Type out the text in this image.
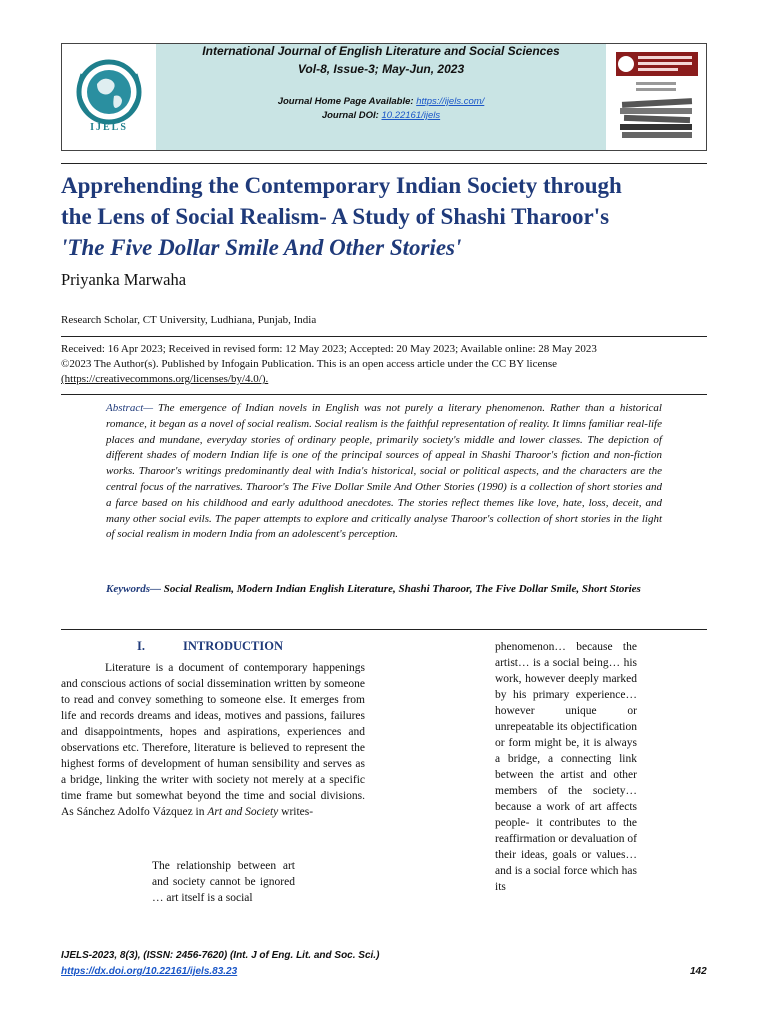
IJELS
International Journal of English Literature and Social Sciences
Vol-8, Issue-3; May-Jun, 2023
Journal Home Page Available: https://ijels.com/
Journal DOI: 10.22161/ijels
Apprehending the Contemporary Indian Society through
the Lens of Social Realism- A Study of Shashi Tharoor's
'The Five Dollar Smile And Other Stories'
Priyanka Marwaha
Research Scholar, CT University, Ludhiana, Punjab, India
Received: 16 Apr 2023; Received in revised form: 12 May 2023; Accepted: 20 May 2023; Available online: 28 May 2023
©2023 The Author(s). Published by Infogain Publication. This is an open access article under the CC BY license
(https://creativecommons.org/licenses/by/4.0/).
Abstract— The emergence of Indian novels in English was not purely a literary phenomenon. Rather than a historical romance, it began as a novel of social realism. Social realism is the faithful representation of reality. It limns familiar real-life places and mundane, everyday stories of ordinary people, primarily society's middle and lower classes. The depiction of different shades of modern Indian life is one of the principal sources of appeal in Shashi Tharoor's fiction and non-fiction works. Tharoor's writings predominantly deal with India's historical, social or political aspects, and the characters are the central focus of the narratives. Tharoor's The Five Dollar Smile And Other Stories (1990) is a collection of short stories and a farce based on his childhood and early adulthood anecdotes. The stories reflect themes like love, hate, loss, deceit, and many other social evils. The paper attempts to explore and critically analyse Tharoor's collection of short stories in the light of social realism in modern India from an adolescent's perception.
Keywords— Social Realism, Modern Indian English Literature, Shashi Tharoor, The Five Dollar Smile, Short Stories
I.	INTRODUCTION

Literature is a document of contemporary happenings and conscious actions of social dissemination written by someone to read and convey something to someone else. It emerges from life and records dreams and ideas, motives and passions, failures and disappointments, hopes and aspirations, experiences and observations etc. Therefore, literature is believed to represent the highest forms of development of human sensibility and serves as a bridge, linking the writer with society not merely at a specific time frame but somewhat beyond the time and social divisions. As Sánchez Adolfo Vázquez in Art and Society writes-

The relationship between art and society cannot be ignored … art itself is a social
phenomenon… because the artist… is a social being… his work, however deeply marked by his primary experience… however unique or unrepeatable its objectification or form might be, it is always a bridge, a connecting link between the artist and other members of the society… because a work of art affects people- it contributes to the reaffirmation or devaluation of their ideas, goals or values… and is a social force which has its
IJELS-2023, 8(3), (ISSN: 2456-7620) (Int. J of Eng. Lit. and Soc. Sci.)
https://dx.doi.org/10.22161/ijels.83.23	142
